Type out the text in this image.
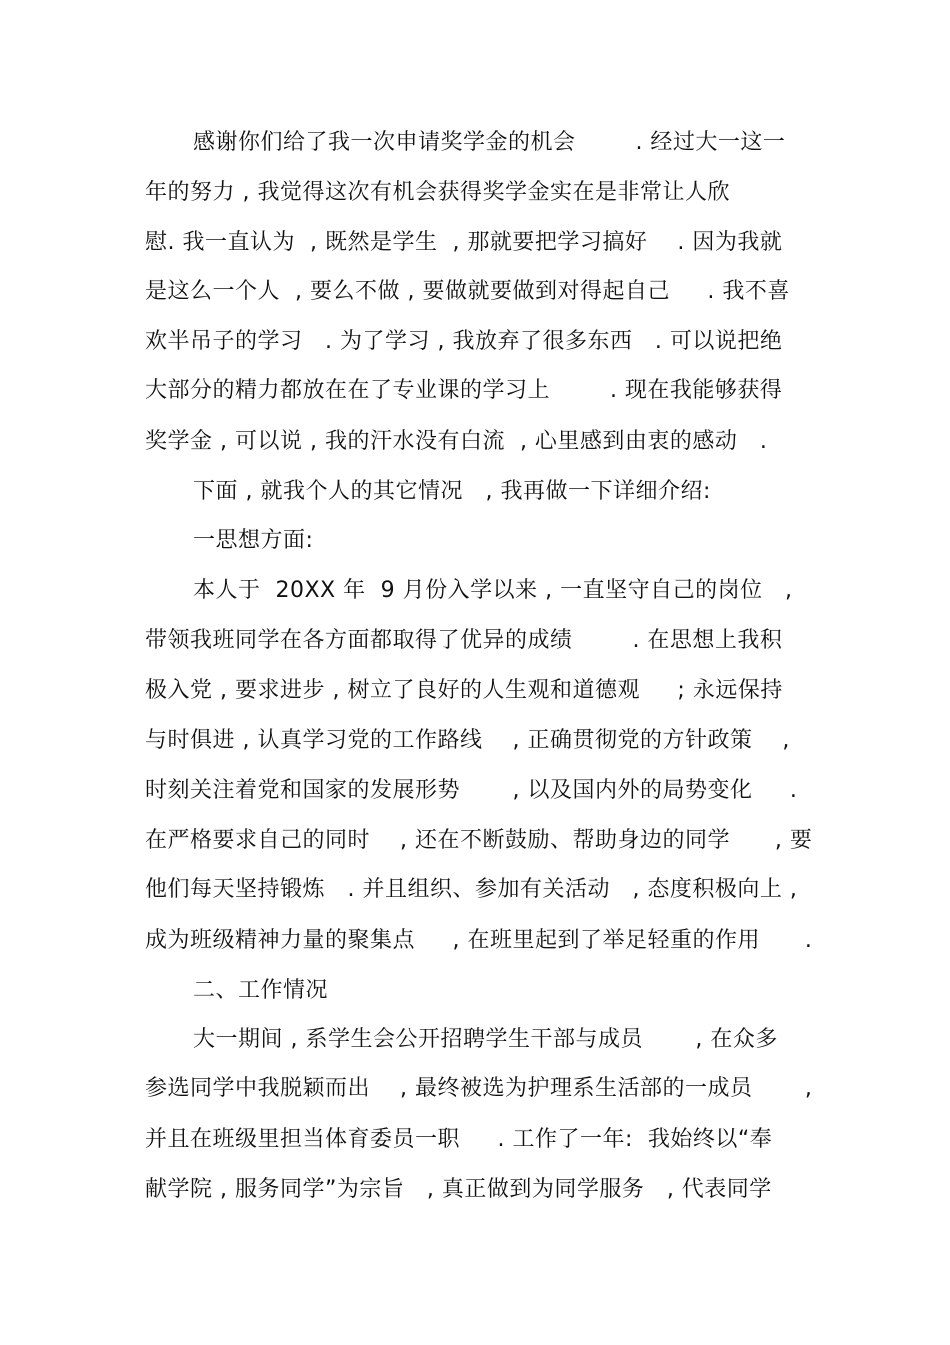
感谢你们给了我一次申请奖学金的机会        . 经过大一这一
年的努力 , 我觉得这次有机会获得奖学金实在是非常让人欣
慰. 我一直认为  , 既然是学生  , 那就要把学习搞好    . 因为我就
是这么一个人  , 要么不做 , 要做就要做到对得起自己     . 我不喜
欢半吊子的学习   . 为了学习 , 我放弃了很多东西   . 可以说把绝
大部分的精力都放在在了专业课的学习上        . 现在我能够获得
奖学金 , 可以说 , 我的汗水没有白流  , 心里感到由衷的感动   .
下面 , 就我个人的其它情况   , 我再做一下详细介绍:
一思想方面:
本人于  20XX 年  9 月份入学以来 , 一直坚守自己的岗位   ,
带领我班同学在各方面都取得了优异的成绩        . 在思想上我积
极入党 , 要求进步 , 树立了良好的人生观和道德观     ; 永远保持
与时俱进 , 认真学习党的工作路线    , 正确贯彻党的方针政策    ,
时刻关注着党和国家的发展形势       , 以及国内外的局势变化     .
在严格要求自己的同时    , 还在不断鼓励、帮助身边的同学      , 要
他们每天坚持锻炼   . 并且组织、参加有关活动   , 态度积极向上 ,
成为班级精神力量的聚集点     , 在班里起到了举足轻重的作用      .
二、工作情况
大一期间 , 系学生会公开招聘学生干部与成员       , 在众多
参选同学中我脱颖而出    , 最终被选为护理系生活部的一成员       ,
并且在班级里担当体育委员一职     . 工作了一年:  我始终以“奉
献学院 , 服务同学”为宗旨   , 真正做到为同学服务   , 代表同学
